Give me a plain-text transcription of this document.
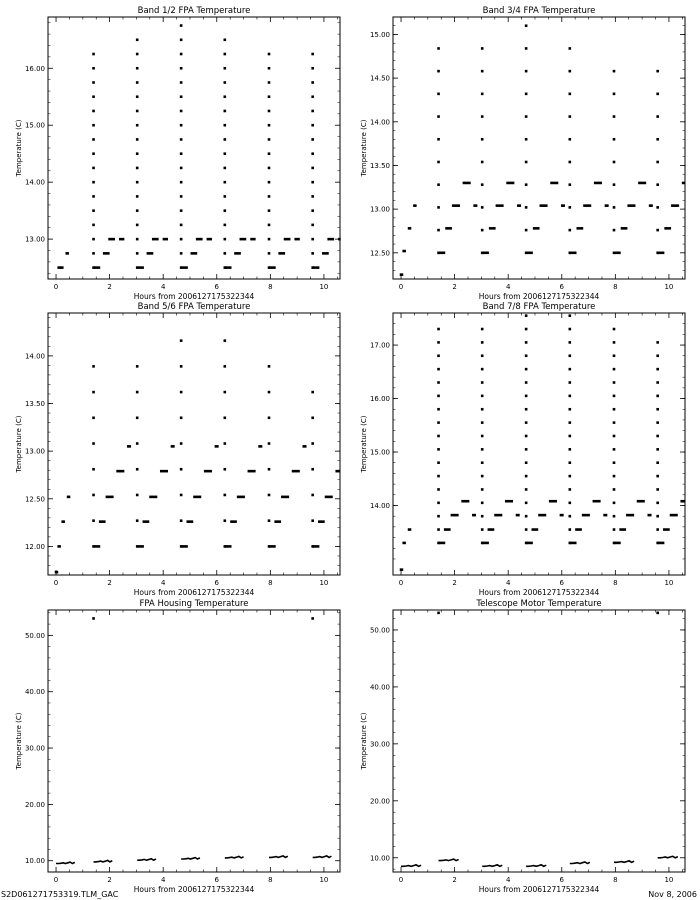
Band 1/2 FPA Temperature
0	2	4	6	8	10
13.00
14.00
15.00
16.00
Hours from 2006127175322344
Temperature (C)
Band 3/4 FPA Temperature
0	2	4	6	8	10
12.50
13.00
13.50
14.00
14.50
15.00
Hours from 2006127175322344
Temperature (C)
Band 5/6 FPA Temperature
0	2	4	6	8	10
12.00
12.50
13.00
13.50
14.00
Hours from 2006127175322344
Temperature (C)
Band 7/8 FPA Temperature
0	2	4	6	8	10
14.00
15.00
16.00
17.00
Hours from 2006127175322344
Temperature (C)
FPA Housing Temperature
0	2	4	6	8	10
10.00
20.00
30.00
40.00
50.00
Hours from 2006127175322344
Temperature (C)
Telescope Motor Temperature
0	2	4	6	8	10
10.00
20.00
30.00
40.00
50.00
Hours from 2006127175322344
Temperature (C)
S2D061271753319.TLM_GAC	Nov 8, 2006
